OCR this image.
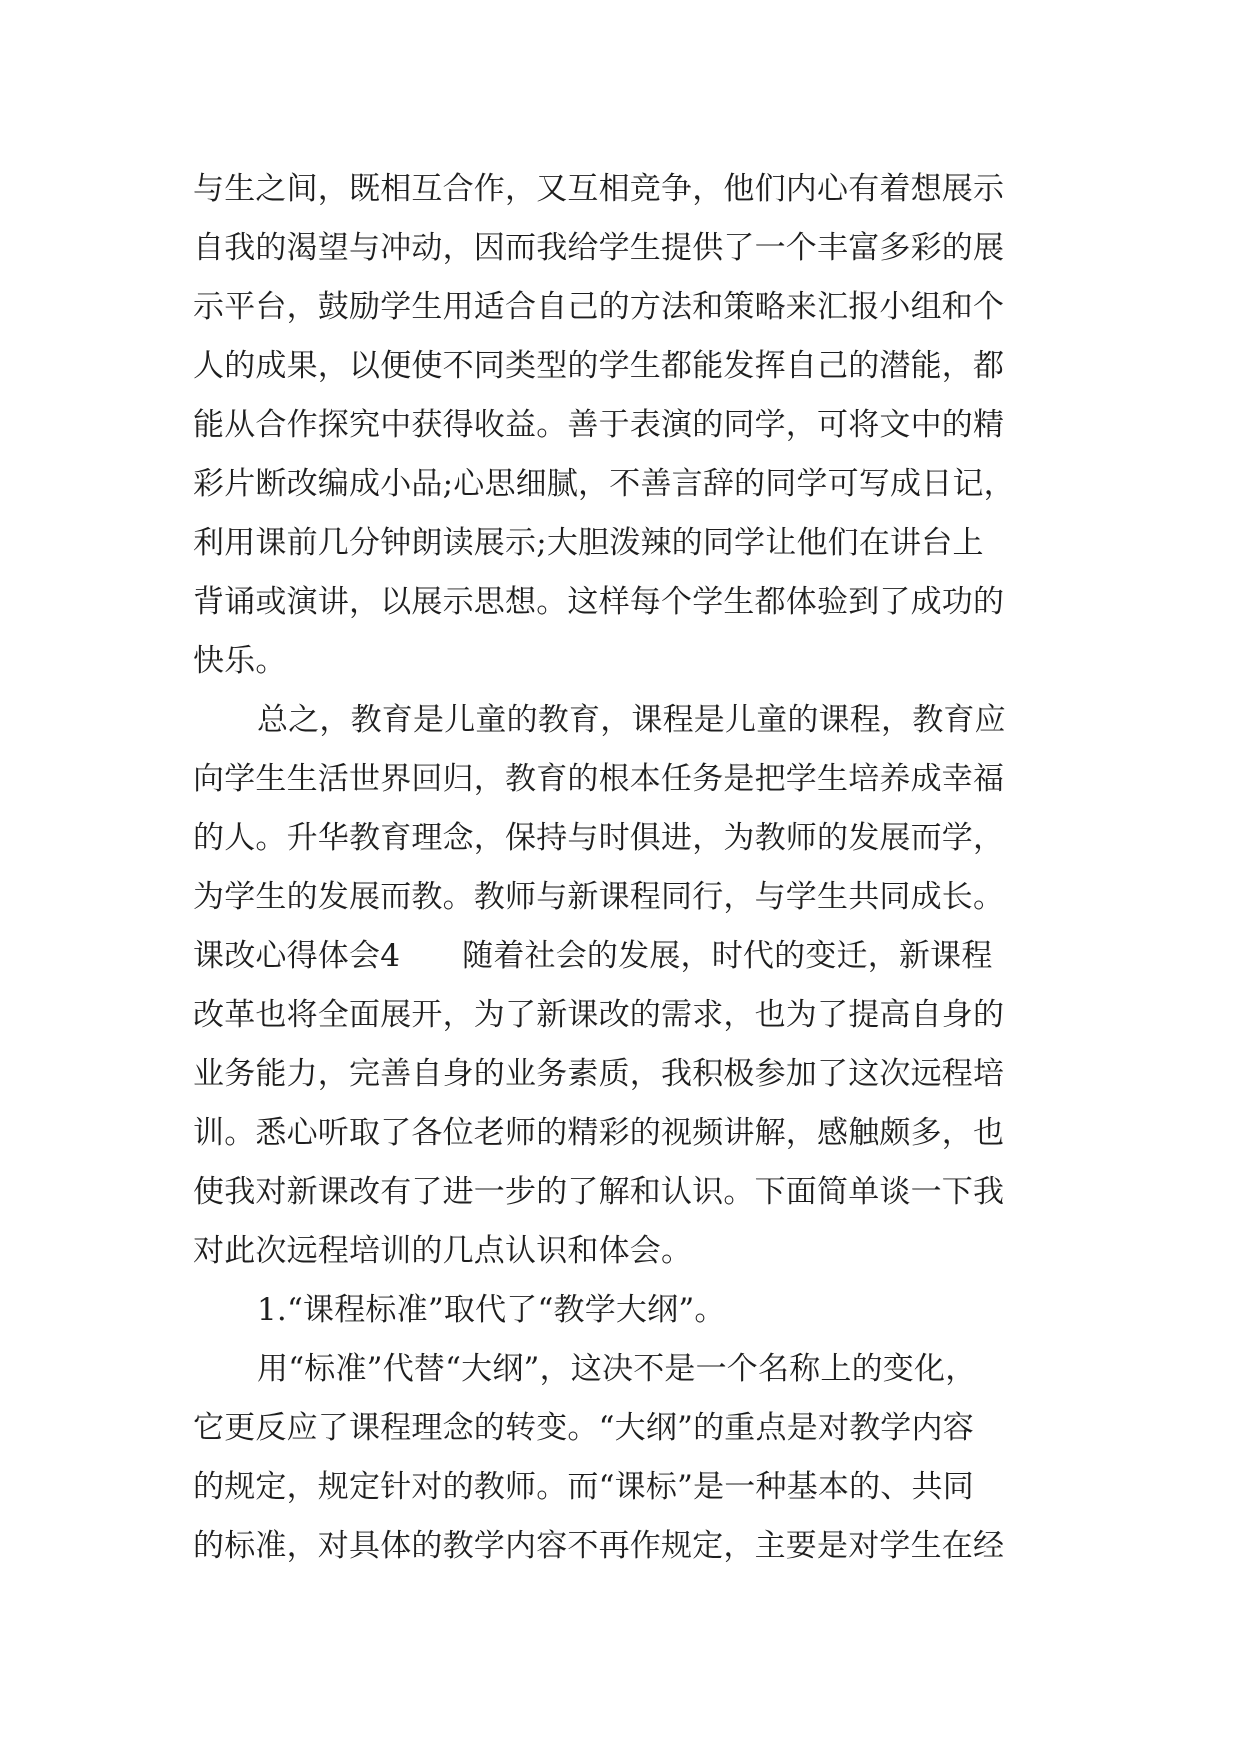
与生之间，既相互合作，又互相竞争，他们内心有着想展示
自我的渴望与冲动，因而我给学生提供了一个丰富多彩的展
示平台，鼓励学生用适合自己的方法和策略来汇报小组和个
人的成果，以便使不同类型的学生都能发挥自己的潜能，都
能从合作探究中获得收益。善于表演的同学，可将文中的精
彩片断改编成小品;心思细腻，不善言辞的同学可写成日记，
利用课前几分钟朗读展示;大胆泼辣的同学让他们在讲台上
背诵或演讲，以展示思想。这样每个学生都体验到了成功的
快乐。
总之，教育是儿童的教育，课程是儿童的课程，教育应
向学生生活世界回归，教育的根本任务是把学生培养成幸福
的人。升华教育理念，保持与时俱进，为教师的发展而学，
为学生的发展而教。教师与新课程同行，与学生共同成长。
课改心得体会4 随着社会的发展，时代的变迁，新课程
改革也将全面展开，为了新课改的需求，也为了提高自身的
业务能力，完善自身的业务素质，我积极参加了这次远程培
训。悉心听取了各位老师的精彩的视频讲解，感触颇多，也
使我对新课改有了进一步的了解和认识。下面简单谈一下我
对此次远程培训的几点认识和体会。
1.“课程标准”取代了“教学大纲”。
用“标准”代替“大纲”，这决不是一个名称上的变化，
它更反应了课程理念的转变。“大纲”的重点是对教学内容
的规定，规定针对的教师。而“课标”是一种基本的、共同
的标准，对具体的教学内容不再作规定，主要是对学生在经
